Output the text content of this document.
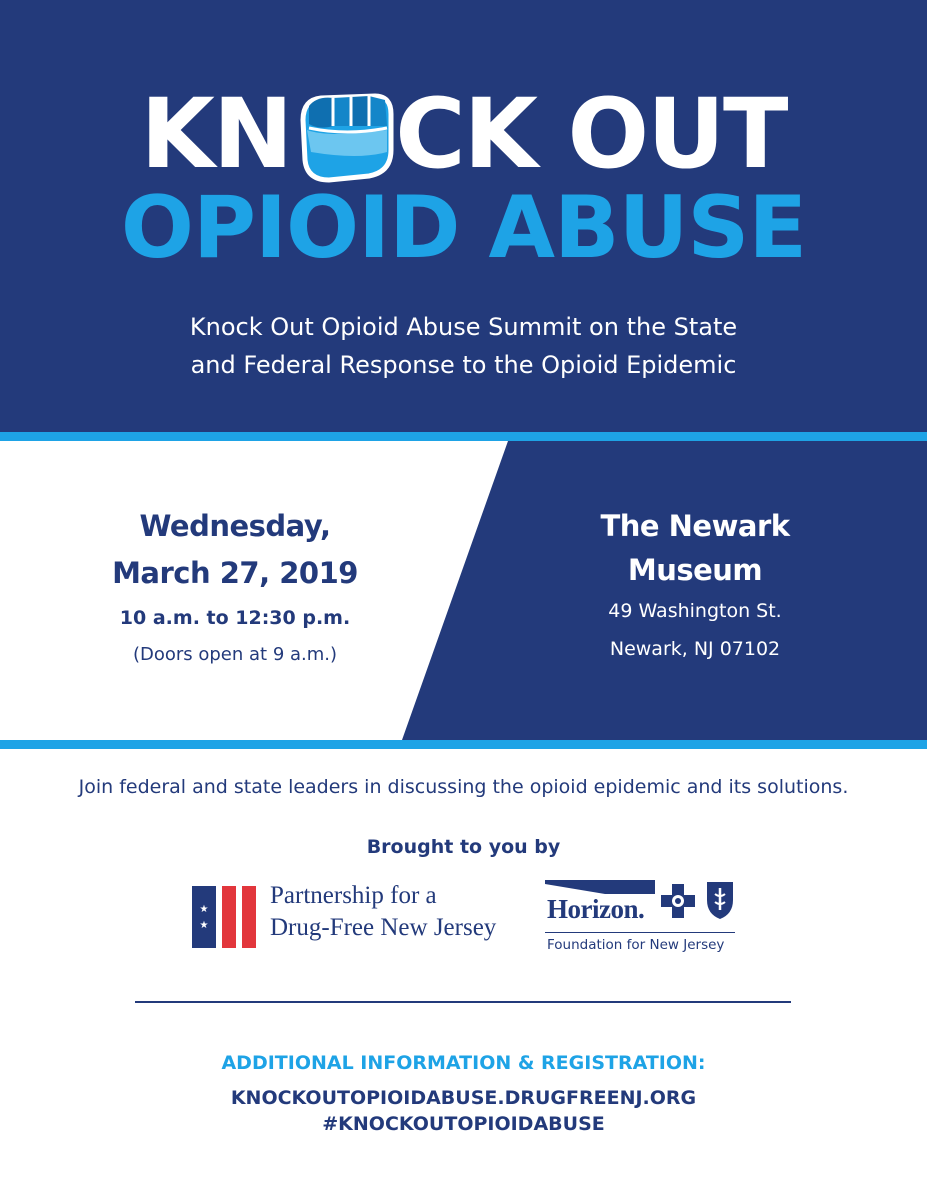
KN CK OUT
OPIOID ABUSE
Knock Out Opioid Abuse Summit on the State
and Federal Response to the Opioid Epidemic
Wednesday,
March 27, 2019
10 a.m. to 12:30 p.m.
(Doors open at 9 a.m.)
The Newark
Museum
49 Washington St.
Newark, NJ 07102
Join federal and state leaders in discussing the opioid epidemic and its solutions.
Brought to you by
★
★
Partnership for a
Drug-Free New Jersey
Horizon.
Foundation for New Jersey
ADDITIONAL INFORMATION & REGISTRATION:
KNOCKOUTOPIOIDABUSE.DRUGFREENJ.ORG
#KNOCKOUTOPIOIDABUSE
